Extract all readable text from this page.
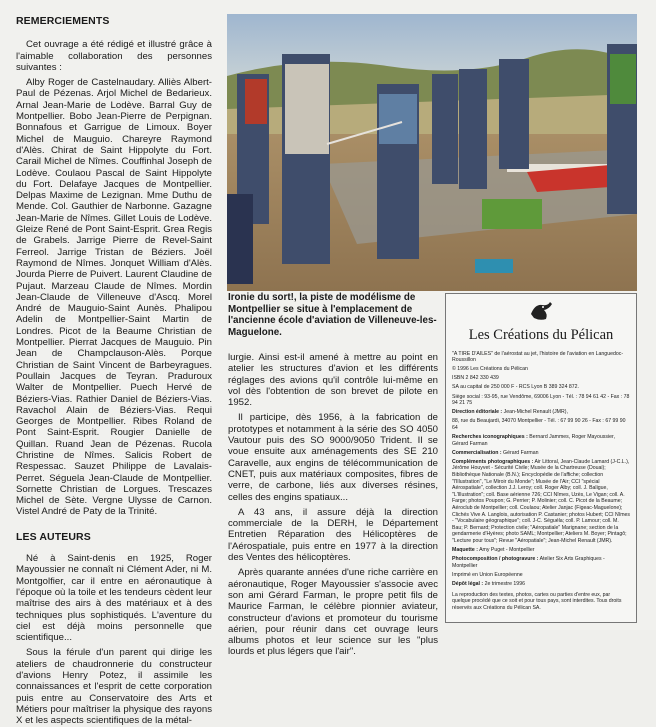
REMERCIEMENTS

Cet ouvrage a été rédigé et illustré grâce à l'aimable collaboration des personnes suivantes :

Alby Roger de Castelnaudary. Alliès Albert-Paul de Pézenas. Arjol Michel de Bedarieux. Arnal Jean-Marie de Lodève. Barral Guy de Montpellier. Bobo Jean-Pierre de Perpignan. Bonnafous et Garrigue de Limoux. Boyer Michel de Mauguio. Chareyre Raymond d'Alès. Chirat de Saint Hippolyte du Fort. Carail Michel de Nîmes. Couffinhal Joseph de Lodève. Coulaou Pascal de Saint Hippolyte du Fort. Delafaye Jacques de Montpellier. Delpas Maxime de Lezignan. Mme Duthu de Mende. Col. Gauthier de Narbonne. Gazagne Jean-Marie de Nîmes. Gillet Louis de Lodève. Gleize René de Pont Saint-Esprit. Grea Regis de Grabels. Jarrige Pierre de Revel-Saint Ferreol. Jarrige Tristan de Béziers. Joël Raymond de Nîmes. Jonquet William d'Alès. Jourda Pierre de Puivert. Laurent Claudine de Pujaut. Marzeau Claude de Nîmes. Mordin Jean-Claude de Villeneuve d'Ascq. Morel André de Mauguio-Saint Aunès. Phalipou Adelin de Montpellier-Saint Martin de Londres. Picot de la Beaume Christian de Montpellier. Pierrat Jacques de Mauguio. Pin Jean de Champclauson-Alès. Porque Christian de Saint Vincent de Barbeyragues. Poullain Jacques de Teyran. Praduroux Walter de Montpellier. Puech Hervé de Béziers-Vias. Rathier Daniel de Béziers-Vias. Ravachol Alain de Béziers-Vias. Requi Georges de Montpellier. Ribes Roland de Pont Saint-Esprit. Rougier Danielle de Quillan. Ruand Jean de Pézenas. Rucola Christine de Nîmes. Salicis Robert de Respessac. Sauzet Philippe de Lavalais-Perret. Séguela Jean-Claude de Montpellier. Sornette Christian de Lorgues. Trescazes Michel de Sète. Vergne Ulysse de Carnon. Vistel André de Paty de la Trinité.

LES AUTEURS

Né à Saint-denis en 1925, Roger Mayoussier ne connaît ni Clément Ader, ni M. Montgolfier, car il entre en aéronautique à l'époque où la toile et les tendeurs cèdent leur maîtrise des airs à des matériaux et à des techniques plus sophistiqués. L'aventure du ciel est déjà moins personnelle que scientifique...

Sous la férule d'un parent qui dirige les ateliers de chaudronnerie du constructeur d'avions Henry Potez, il assimile les connaissances et l'esprit de cette corporation puis entre au Conservatoire des Arts et Métiers pour maîtriser la physique des rayons X et les aspects scientifiques de la métal-

Ironie du sort!, la piste de modélisme de Montpellier se situe à l'emplacement de l'ancienne école d'aviation de Villeneuve-les-Maguelone.

lurgie. Ainsi est-il amené à mettre au point en atelier les structures d'avion et les différents réglages des avions qu'il contrôle lui-même en vol dès l'obtention de son brevet de pilote en 1952.

Il participe, dès 1956, à la fabrication de prototypes et notamment à la série des SO 4050 Vautour puis des SO 9000/9050 Trident. Il se voue ensuite aux aménagements des SE 210 Caravelle, aux engins de télécommunication de CNET, puis aux matériaux composites, fibres de verre, de carbone, liés aux diverses résines, celles des engins spatiaux...

A 43 ans, il assure déjà la direction commerciale de la DERH, le Département Entretien Réparation des Hélicoptères de l'Aérospatiale, puis entre en 1977 à la direction des Ventes des hélicoptères.

Après quarante années d'une riche carrière en aéronautique, Roger Mayoussier s'associe avec son ami Gérard Farman, le propre petit fils de Maurice Farman, le célèbre pionnier aviateur, constructeur d'avions et promoteur du tourisme aérien, pour réunir dans cet ouvrage leurs albums photos et leur science sur les "plus lourds et plus légers que l'air".

Les Créations du Pélican
"A TIRE D'AILES" de l'aérostat au jet, l'histoire de l'aviation en Languedoc-Roussillon
© 1996 Les Créations du Pélican
ISBN 2 842 330 439
SA au capital de 250 000 F - RCS Lyon B 389 324 872.
Siège social : 93-95, rue Vendôme, 69006 Lyon - Tél. : 78 94 61 42 - Fax : 78 94 21 75
Direction éditoriale : Jean-Michel Renault (JMR),
88, rue du Beaujardi, 34070 Montpellier - Tél. : 67 99 90 26 - Fax : 67 99 90 64
Recherches iconographiques : Bernard Jammes, Roger Mayoussier, Gérard Farman
Commercialisation : Gérard Farman
Compléments photographiques : Air Littoral, Jean-Claude Lamard (J-C.L.), Jérôme Houyvet - Sécurité Civile; Musée de la Chartreuse (Douai); Bibliothèque Nationale (B.N.); Encyclopédie de l'affiche; collection "l'Illustration", "Le Miroir du Monde"; Musée de l'Air; CCI "spécial Aérospatiale", collection J.J. Leroy; coll. Roger Alby; coll. J. Baligue, "L'Illustration"; coll. Base aérienne 726; CCI Nîmes, Uzès, Le Vigan; coll. A. Farge; photos Poupon; G. Perrier; P. Molinier; coll. C. Picot de la Beaume; Aéroclub de Montpellier; coll. Coulaou; Atelier Janjac (Figeac-Maguelone); Clichés Vive A. Langlois, autorisation P. Castanier; photos Hubert; CCI Nîmes - "Vocabulaire géographique"; coll. J-C. Séguéla; coll. P. Lamour; coll. M. Bau; P. Bernard; Protection civile; "Aéropatiale" Marignane; section de la gendarmerie d'Hyères; photo SAML; Montpellier; Ateliers M. Boyer; Pintagô; "Lecture pour tous"; Revue "Aéropatiale"; Jean-Michel Renault (JMR).
Maquette : Amy Puget - Montpellier
Photocomposition / photogravure : Atelier Six Arts Graphiques - Montpellier
Imprimé en Union Européenne
Dépôt légal : 2e trimestre 1996
La reproduction des textes, photos, cartes ou parties d'entre eux, par quelque procédé que ce soit et pour tous pays, sont interdites. Tous droits réservés aux Créations du Pélican SA.
